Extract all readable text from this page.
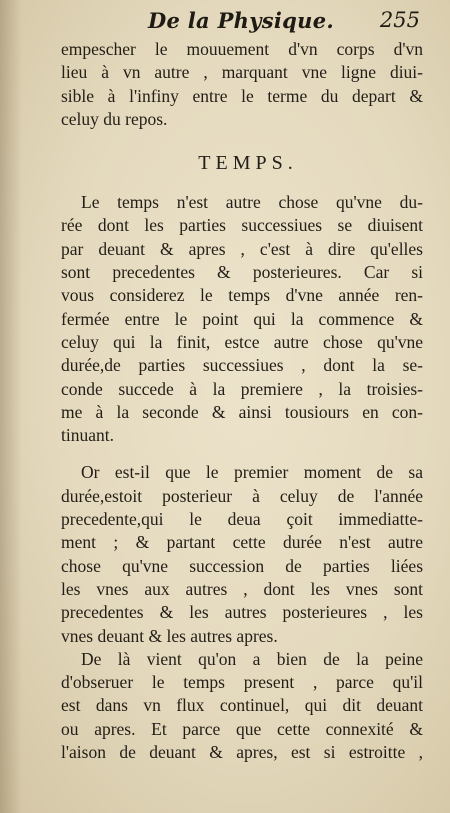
De la Physique. 255
empescher le mouuement d'vn corps d'vn
lieu à vn autre , marquant vne ligne diui-
sible à l'infiny entre le terme du depart &
celuy du repos.
TEMPS.
Le temps n'est autre chose qu'vne du-
rée dont les parties successiues se diuisent
par deuant & apres , c'est à dire qu'elles
sont precedentes & posterieures. Car si
vous considerez le temps d'vne année ren-
fermée entre le point qui la commence &
celuy qui la finit, estce autre chose qu'vne
durée,de parties successiues , dont la se-
conde succede à la premiere , la troisies-
me à la seconde & ainsi tousiours en con-
tinuant.
Or est-il que le premier moment de sa
durée,estoit posterieur à celuy de l'année
precedente,qui le deua çoit immediatte-
ment ; & partant cette durée n'est autre
chose qu'vne succession de parties liées
les vnes aux autres , dont les vnes sont
precedentes & les autres posterieures , les
vnes deuant & les autres apres.
De là vient qu'on a bien de la peine
d'obseruer le temps present , parce qu'il
est dans vn flux continuel, qui dit deuant
ou apres. Et parce que cette connexité &
l'aison de deuant & apres, est si estroitte ,
